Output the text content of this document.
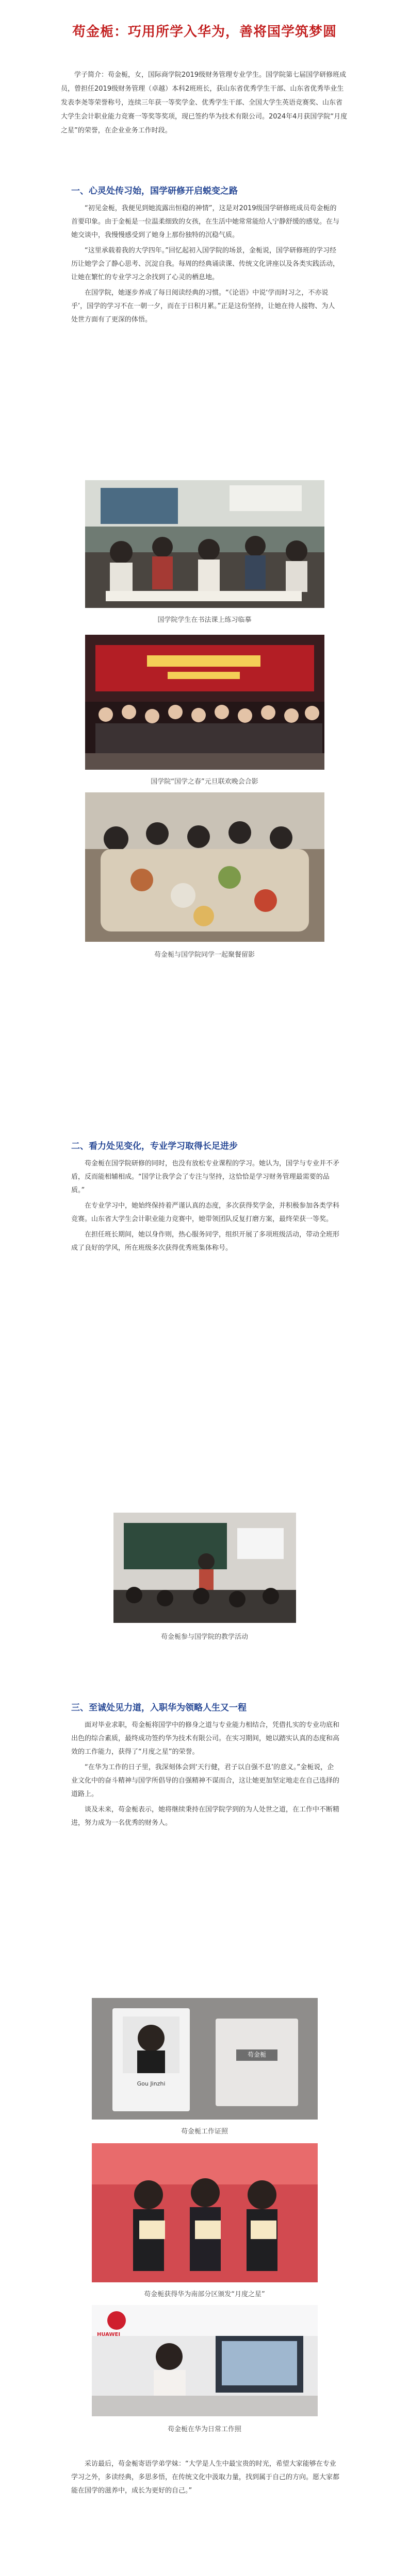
苟金栀：巧用所学入华为，善将国学筑梦圆

学子简介：苟金栀，女，国际商学院2019级财务管理专业学生。国学院第七届国学研修班成员，曾担任2019级财务管理（卓越）本科2班班长，获山东省优秀学生干部、山东省优秀毕业生发表李尧等荣誉称号，连续三年获一等奖学金、优秀学生干部、全国大学生英语竞赛奖、山东省大学生会计职业能力竞赛一等奖等奖项，现已签约华为技术有限公司。2024年4月获国学院“月度之星”的荣誉，在企业业务工作时段。

一、心灵处传习始，国学研修开启蜕变之路

“初见金栀，我便见到她流露出恒稳的神情”，这是对2019级国学研修班成员苟金栀的首要印象。由于金栀是一位温柔细致的女孩，在生活中她常常能给人宁静舒缓的感觉。在与她交谈中，我慢慢感受到了她身上那份独特的沉稳气质。

“这里承载着我的大学四年。”回忆起初入国学院的场景，金栀说，国学研修班的学习经历让她学会了静心思考、沉淀自我。每周的经典诵读课、传统文化讲座以及各类实践活动，让她在繁忙的专业学习之余找到了心灵的栖息地。

在国学院，她逐步养成了每日阅读经典的习惯。“《论语》中说‘学而时习之，不亦说乎’，国学的学习不在一朝一夕，而在于日积月累。”正是这份坚持，让她在待人接物、为人处世方面有了更深的体悟。

国学院学生在书法课上练习临摹
国学院“国学之春”元旦联欢晚会合影
苟金栀与国学院同学一起聚餐留影
二、看力处见变化，专业学习取得长足进步

苟金栀在国学院研修的同时，也没有放松专业课程的学习。她认为，国学与专业并不矛盾，反而能相辅相成。“国学让我学会了专注与坚持，这恰恰是学习财务管理最需要的品质。”

在专业学习中，她始终保持着严谨认真的态度，多次获得奖学金，并积极参加各类学科竞赛。山东省大学生会计职业能力竞赛中，她带领团队反复打磨方案，最终荣获一等奖。

在担任班长期间，她以身作则，热心服务同学，组织开展了多项班级活动，带动全班形成了良好的学风，所在班级多次获得优秀班集体称号。

苟金栀参与国学院的教学活动
三、至诚处见力道，入职华为领略人生又一程

面对毕业求职，苟金栀将国学中的修身之道与专业能力相结合，凭借扎实的专业功底和出色的综合素质，最终成功签约华为技术有限公司。在实习期间，她以踏实认真的态度和高效的工作能力，获得了“月度之星”的荣誉。

“在华为工作的日子里，我深刻体会到‘天行健，君子以自强不息’的意义。”金栀说，企业文化中的奋斗精神与国学所倡导的自强精神不谋而合，这让她更加坚定地走在自己选择的道路上。

谈及未来，苟金栀表示，她将继续秉持在国学院学到的为人处世之道，在工作中不断精进，努力成为一名优秀的财务人。

Gou Jinzhi
苟金栀
苟金栀工作证照
苟金栀获得华为南部分区颁发“月度之星”
HUAWEI
苟金栀在华为日常工作照

采访最后，苟金栀寄语学弟学妹：“大学是人生中最宝贵的时光，希望大家能够在专业学习之外，多读经典，多思多悟，在传统文化中汲取力量，找到属于自己的方向。愿大家都能在国学的滋养中，成长为更好的自己。”
